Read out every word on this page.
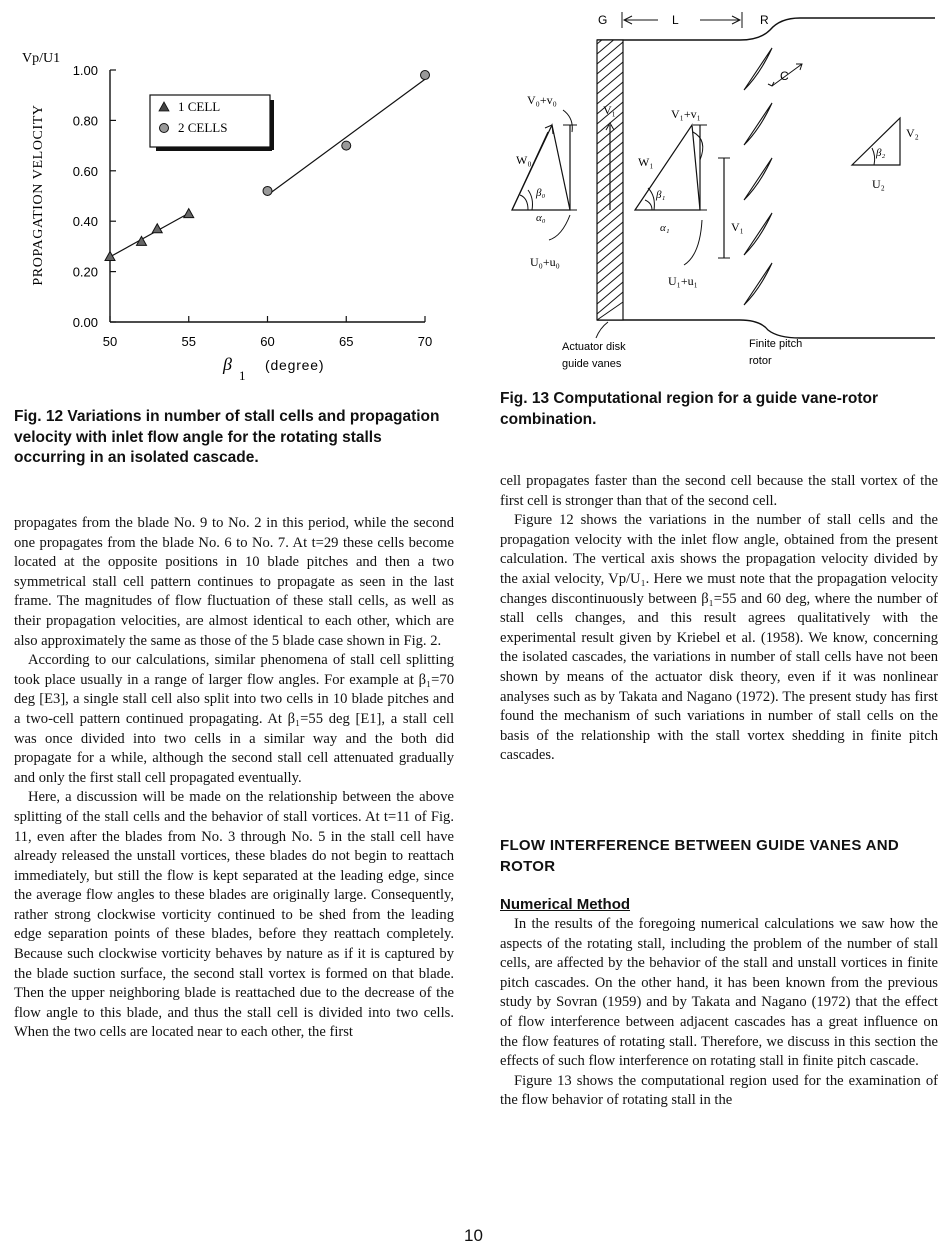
Vp/U1
PROPAGATION VELOCITY
50	55	60	65	70
0.00
0.20
0.40
0.60
0.80
1.00
1 CELL
2 CELLS
β
1
(degree)
Fig. 12 Variations in number of stall cells and propagation velocity with inlet flow angle for the rotating stalls occurring in an isolated cascade.
G	L	R
C
V₀+v₀
W₀
β₀
α₀
U₀+u₀
V₁	V₁+v₁
W₁
β₁
α₁
U₁+u₁
V₁
V₂
β₂
U₂
Actuator disk
guide vanes
Finite pitch
rotor
Fig. 13 Computational region for a guide vane-rotor combination.

propagates from the blade No. 9 to No. 2 in this period, while the second one propagates from the blade No. 6 to No. 7. At t=29 these cells become located at the opposite positions in 10 blade pitches and then a two symmetrical stall cell pattern continues to propagate as seen in the last frame. The magnitudes of flow fluctuation of these stall cells, as well as their propagation velocities, are almost identical to each other, which are also approximately the same as those of the 5 blade case shown in Fig. 2.

According to our calculations, similar phenomena of stall cell splitting took place usually in a range of larger flow angles. For example at β₁=70 deg [E3], a single stall cell also split into two cells in 10 blade pitches and a two-cell pattern continued propagating. At β₁=55 deg [E1], a stall cell was once divided into two cells in a similar way and the both did propagate for a while, although the second stall cell attenuated gradually and only the first stall cell propagated eventually.

Here, a discussion will be made on the relationship between the above splitting of the stall cells and the behavior of stall vortices. At t=11 of Fig. 11, even after the blades from No. 3 through No. 5 in the stall cell have already released the unstall vortices, these blades do not begin to reattach immediately, but still the flow is kept separated at the leading edge, since the average flow angles to these blades are originally large. Consequently, rather strong clockwise vorticity continued to be shed from the leading edge separation points of these blades, before they reattach completely. Because such clockwise vorticity behaves by nature as if it is captured by the blade suction surface, the second stall vortex is formed on that blade. Then the upper neighboring blade is reattached due to the decrease of the flow angle to this blade, and thus the stall cell is divided into two cells. When the two cells are located near to each other, the first

cell propagates faster than the second cell because the stall vortex of the first cell is stronger than that of the second cell.

Figure 12 shows the variations in the number of stall cells and the propagation velocity with the inlet flow angle, obtained from the present calculation. The vertical axis shows the propagation velocity divided by the axial velocity, Vp/U₁. Here we must note that the propagation velocity changes discontinuously between β₁=55 and 60 deg, where the number of stall cells changes, and this result agrees qualitatively with the experimental result given by Kriebel et al. (1958). We know, concerning the isolated cascades, the variations in number of stall cells have not been shown by means of the actuator disk theory, even if it was nonlinear analyses such as by Takata and Nagano (1972). The present study has first found the mechanism of such variations in number of stall cells on the basis of the relationship with the stall vortex shedding in finite pitch cascades.

FLOW INTERFERENCE BETWEEN GUIDE VANES AND ROTOR
Numerical Method

In the results of the foregoing numerical calculations we saw how the aspects of the rotating stall, including the problem of the number of stall cells, are affected by the behavior of the stall and unstall vortices in finite pitch cascades. On the other hand, it has been known from the previous study by Sovran (1959) and by Takata and Nagano (1972) that the effect of flow interference between adjacent cascades has a great influence on the flow features of rotating stall. Therefore, we discuss in this section the effects of such flow interference on rotating stall in finite pitch cascade.

Figure 13 shows the computational region used for the examination of the flow behavior of rotating stall in the

10
